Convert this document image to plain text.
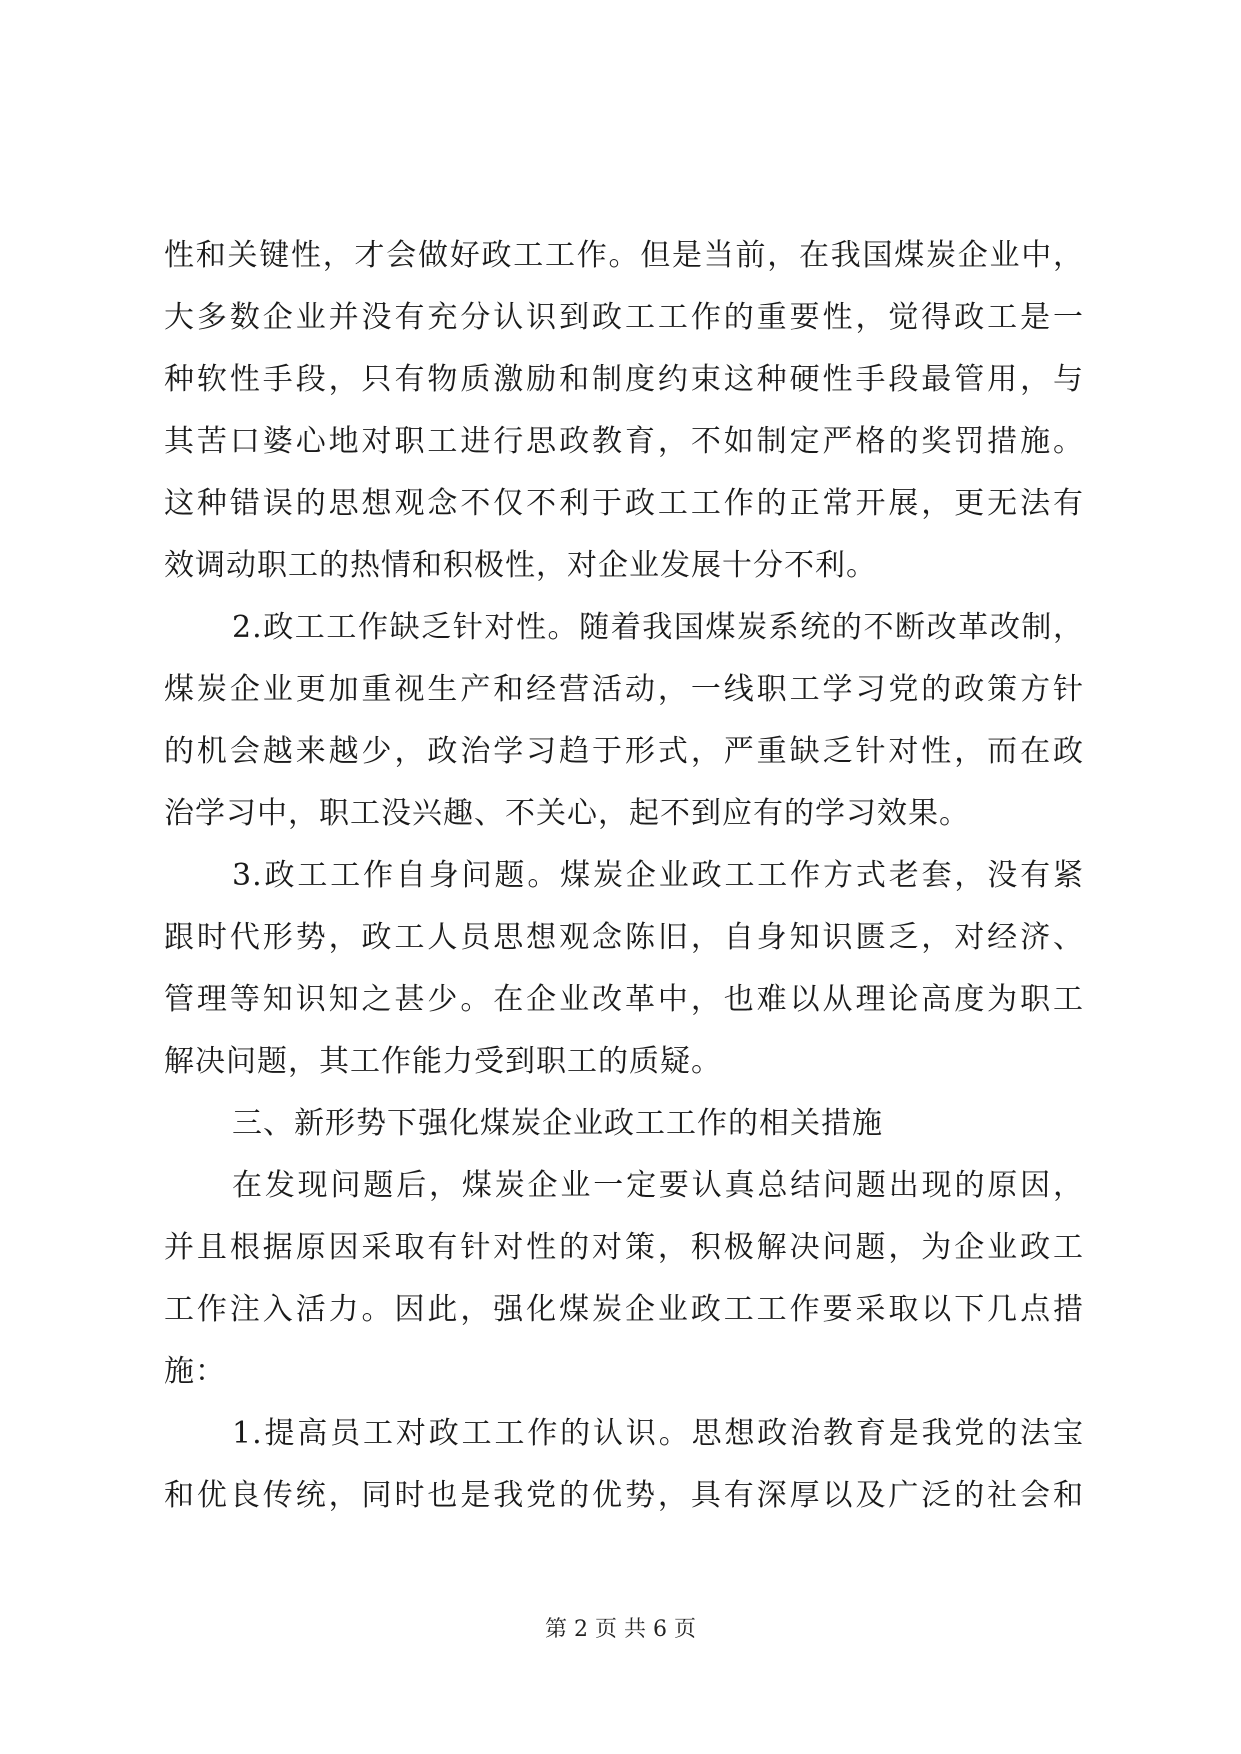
性和关键性，才会做好政工工作。但是当前，在我国煤炭企业中，
大多数企业并没有充分认识到政工工作的重要性，觉得政工是一
种软性手段，只有物质激励和制度约束这种硬性手段最管用，与
其苦口婆心地对职工进行思政教育，不如制定严格的奖罚措施。
这种错误的思想观念不仅不利于政工工作的正常开展，更无法有
效调动职工的热情和积极性，对企业发展十分不利。
2.政工工作缺乏针对性。随着我国煤炭系统的不断改革改制，
煤炭企业更加重视生产和经营活动，一线职工学习党的政策方针
的机会越来越少，政治学习趋于形式，严重缺乏针对性，而在政
治学习中，职工没兴趣、不关心，起不到应有的学习效果。
3.政工工作自身问题。煤炭企业政工工作方式老套，没有紧
跟时代形势，政工人员思想观念陈旧，自身知识匮乏，对经济、
管理等知识知之甚少。在企业改革中，也难以从理论高度为职工
解决问题，其工作能力受到职工的质疑。
三、新形势下强化煤炭企业政工工作的相关措施
在发现问题后，煤炭企业一定要认真总结问题出现的原因，
并且根据原因采取有针对性的对策，积极解决问题，为企业政工
工作注入活力。因此，强化煤炭企业政工工作要采取以下几点措
施：
1.提高员工对政工工作的认识。思想政治教育是我党的法宝
和优良传统，同时也是我党的优势，具有深厚以及广泛的社会和
第 2 页 共 6 页
